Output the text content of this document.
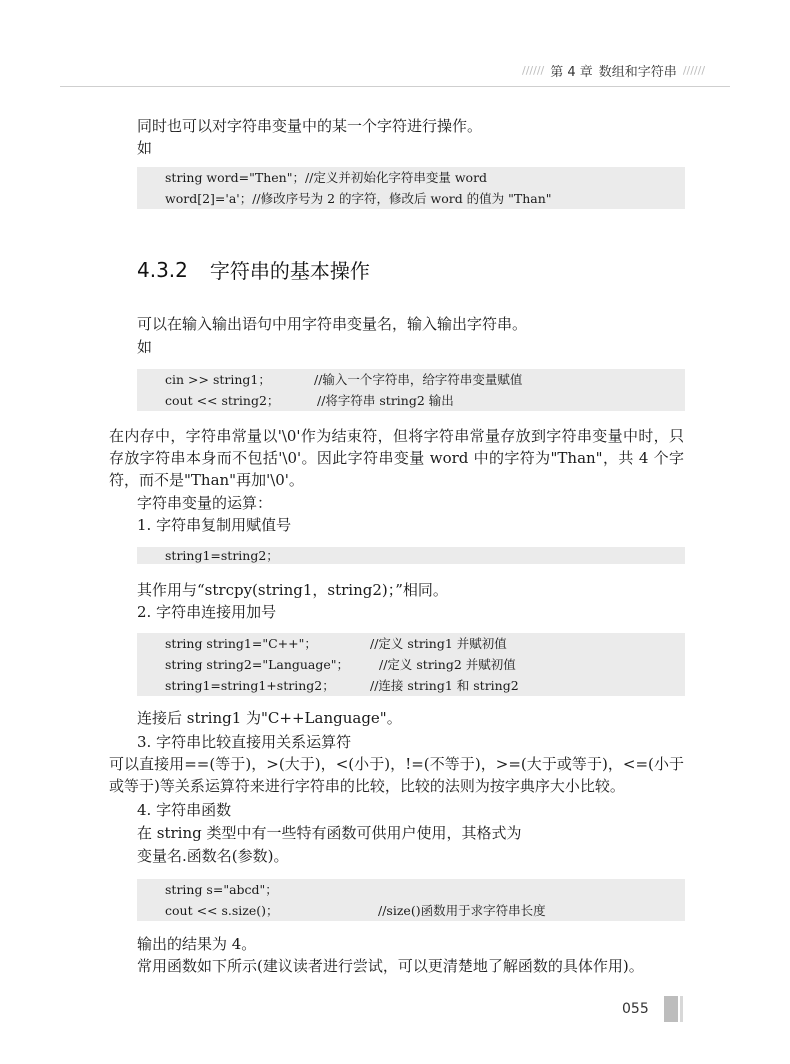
////// 第 4 章 数组和字符串 //////
同时也可以对字符串变量中的某一个字符进行操作。
如
string word="Then"；//定义并初始化字符串变量 word
word[2]='a'；//修改序号为 2 的字符，修改后 word 的值为 "Than"
4.3.2 字符串的基本操作
可以在输入输出语句中用字符串变量名，输入输出字符串。
如
cin >> string1；	//输入一个字符串，给字符串变量赋值
cout << string2；	//将字符串 string2 输出
在内存中，字符串常量以'\0'作为结束符，但将字符串常量存放到字符串变量中时，只存放字符串本身而不包括'\0'。因此字符串变量 word 中的字符为"Than"，共 4 个字符，而不是"Than"再加'\0'。
字符串变量的运算：
1. 字符串复制用赋值号
string1=string2；
其作用与“strcpy(string1，string2)；”相同。
2. 字符串连接用加号
string string1="C++"；	//定义 string1 并赋初值
string string2="Language"； //定义 string2 并赋初值
string1=string1+string2；	//连接 string1 和 string2
连接后 string1 为"C++Language"。
3. 字符串比较直接用关系运算符
可以直接用==(等于)，>(大于)，<(小于)，!=(不等于)，>=(大于或等于)，<=(小于或等于)等关系运算符来进行字符串的比较，比较的法则为按字典序大小比较。
4. 字符串函数
在 string 类型中有一些特有函数可供用户使用，其格式为
变量名.函数名(参数)。
string s="abcd"；
cout << s.size()；	//size()函数用于求字符串长度
输出的结果为 4。
常用函数如下所示(建议读者进行尝试，可以更清楚地了解函数的具体作用)。
055
